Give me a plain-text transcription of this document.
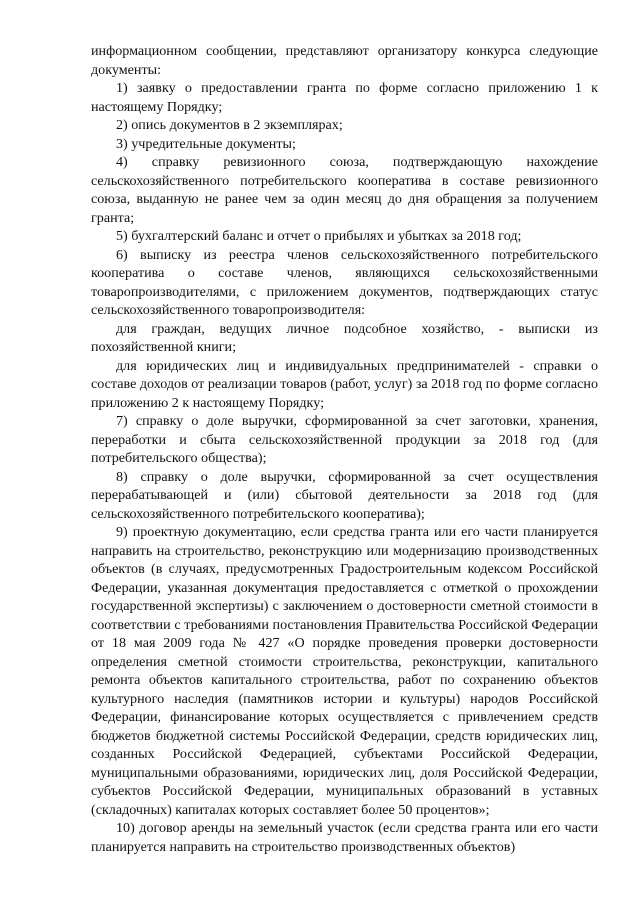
информационном сообщении, представляют организатору конкурса следующие документы:

1) заявку о предоставлении гранта по форме согласно приложению 1 к настоящему Порядку;

2) опись документов в 2 экземплярах;

3) учредительные документы;

4) справку ревизионного союза, подтверждающую нахождение сельскохозяйственного потребительского кооператива в составе ревизионного союза, выданную не ранее чем за один месяц до дня обращения за получением гранта;

5) бухгалтерский баланс и отчет о прибылях и убытках за 2018 год;

6) выписку из реестра членов сельскохозяйственного потребительского кооператива о составе членов, являющихся сельскохозяйственными товаропроизводителями, с приложением документов, подтверждающих статус сельскохозяйственного товаропроизводителя:

для граждан, ведущих личное подсобное хозяйство, - выписки из похозяйственной книги;

для юридических лиц и индивидуальных предпринимателей - справки о составе доходов от реализации товаров (работ, услуг) за 2018 год по форме согласно приложению 2 к настоящему Порядку;

7) справку о доле выручки, сформированной за счет заготовки, хранения, переработки и сбыта сельскохозяйственной продукции за 2018 год (для потребительского общества);

8) справку о доле выручки, сформированной за счет осуществления перерабатывающей и (или) сбытовой деятельности за 2018 год (для сельскохозяйственного потребительского кооператива);

9) проектную документацию, если средства гранта или его части планируется направить на строительство, реконструкцию или модернизацию производственных объектов (в случаях, предусмотренных Градостроительным кодексом Российской Федерации, указанная документация предоставляется с отметкой о прохождении государственной экспертизы) с заключением о достоверности сметной стоимости в соответствии с требованиями постановления Правительства Российской Федерации от 18 мая 2009 года № 427 «О порядке проведения проверки достоверности определения сметной стоимости строительства, реконструкции, капитального ремонта объектов капитального строительства, работ по сохранению объектов культурного наследия (памятников истории и культуры) народов Российской Федерации, финансирование которых осуществляется с привлечением средств бюджетов бюджетной системы Российской Федерации, средств юридических лиц, созданных Российской Федерацией, субъектами Российской Федерации, муниципальными образованиями, юридических лиц, доля Российской Федерации, субъектов Российской Федерации, муниципальных образований в уставных (складочных) капиталах которых составляет более 50 процентов»;

10) договор аренды на земельный участок (если средства гранта или его части планируется направить на строительство производственных объектов)
